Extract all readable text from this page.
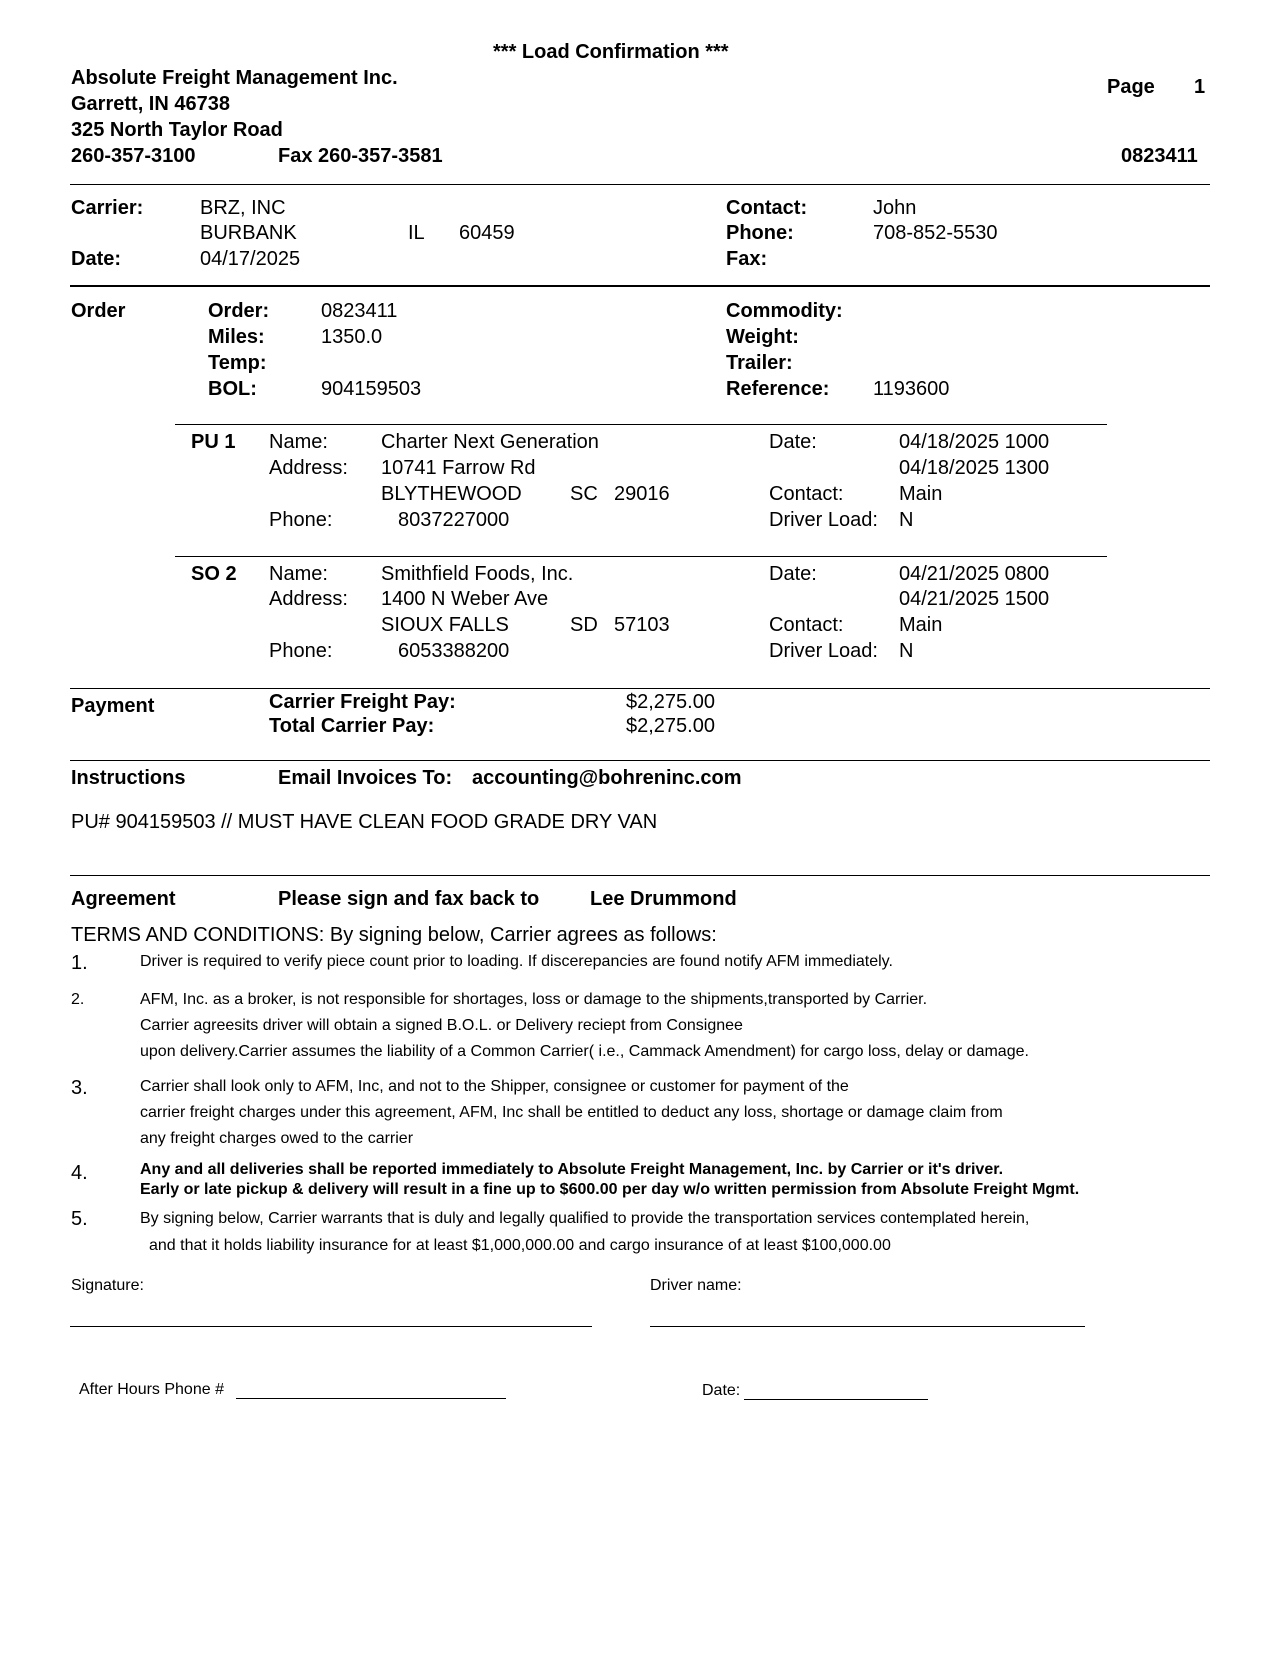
*** Load Confirmation ***
Absolute Freight Management Inc.
Garrett, IN 46738
325 North Taylor Road
260-357-3100	Fax 260-357-3581
Page 1
0823411
Carrier:	BRZ, INC
BURBANK	IL 60459
Date:	04/17/2025
Contact:	John
Phone:	708-852-5530
Fax:
Order	Order:	0823411
Miles:	1350.0
Temp:
BOL:	904159503
Commodity:
Weight:
Trailer:
Reference: 1193600
PU 1 Name:	Charter Next Generation
Address: 10741 Farrow Rd
BLYTHEWOOD SC 29016
Phone:	8037227000
Date:	04/18/2025 1000
04/18/2025 1300
Contact:	Main
Driver Load: N
SO 2 Name:	Smithfield Foods, Inc.
Address: 1400 N Weber Ave
SIOUX FALLS	SD 57103
Phone:	6053388200
Date:	04/21/2025 0800
04/21/2025 1500
Contact:	Main
Driver Load: N
Payment	Carrier Freight Pay:	$2,275.00
Total Carrier Pay:	$2,275.00
Instructions	Email Invoices To: accounting@bohreninc.com
PU# 904159503 // MUST HAVE CLEAN FOOD GRADE DRY VAN
Agreement	Please sign and fax back to	Lee Drummond
TERMS AND CONDITIONS: By signing below, Carrier agrees as follows:
1.	Driver is required to verify piece count prior to loading. If discerepancies are found notify AFM immediately.
2.	AFM, Inc. as a broker, is not responsible for shortages, loss or damage to the shipments,transported by Carrier.
Carrier agreesits driver will obtain a signed B.O.L. or Delivery reciept from Consignee
upon delivery.Carrier assumes the liability of a Common Carrier( i.e., Cammack Amendment) for cargo loss, delay or damage.
3.	Carrier shall look only to AFM, Inc, and not to the Shipper, consignee or customer for payment of the
carrier freight charges under this agreement, AFM, Inc shall be entitled to deduct any loss, shortage or damage claim from
any freight charges owed to the carrier
4.	Any and all deliveries shall be reported immediately to Absolute Freight Management, Inc. by Carrier or it's driver.
Early or late pickup & delivery will result in a fine up to $600.00 per day w/o written permission from Absolute Freight Mgmt.
5.	By signing below, Carrier warrants that is duly and legally qualified to provide the transportation services contemplated herein,
and that it holds liability insurance for at least $1,000,000.00 and cargo insurance of at least $100,000.00
Signature:	Driver name:
After Hours Phone #	Date:
